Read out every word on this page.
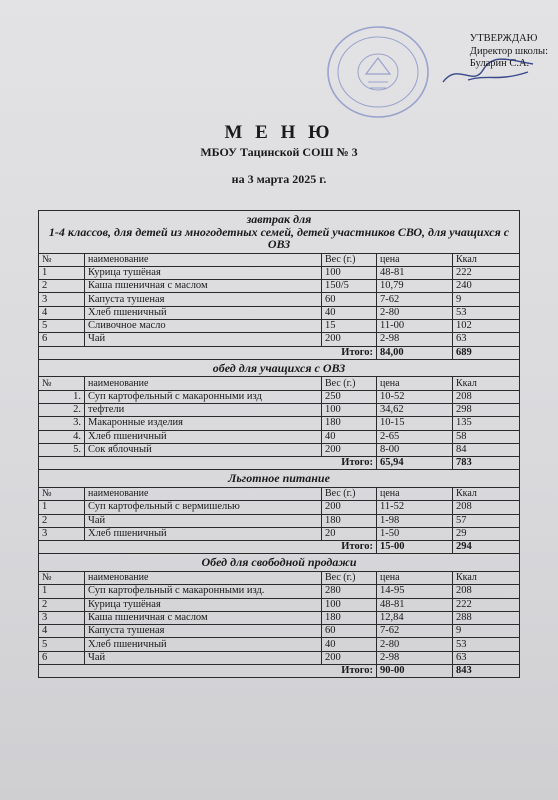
УТВЕРЖДАЮ
Директор школы:
Буларин С.А.
М Е Н Ю
МБОУ Тацинской СОШ № 3
на 3 марта 2025 г.
завтрак для
1-4 классов, для детей из многодетных семей, детей участников СВО, для учащихся с ОВЗ				
№	наименование	Вес (г.)	цена	Ккал
1	Курица тушёная	100	48-81	222
2	Каша пшеничная с маслом	150/5	10,79	240
3	Капуста тушеная	60	7-62	9
4	Хлеб пшеничный	40	2-80	53
5	Сливочное масло	15	11-00	102
6	Чай	200	2-98	63
Итого:			84,00	689
обед для учащихся с ОВЗ				
№	наименование	Вес (г.)	цена	Ккал
1.	Суп картофельный с макаронными изд	250	10-52	208
2.	тефтели	100	34,62	298
3.	Макаронные изделия	180	10-15	135
4.	Хлеб пшеничный	40	2-65	58
5.	Сок яблочный	200	8-00	84
Итого:			65,94	783
Льготное питание				
№	наименование	Вес (г.)	цена	Ккал
1	Суп картофельный с вермишелью	200	11-52	208
2	Чай	180	1-98	57
3	Хлеб пшеничный	20	1-50	29
Итого:			15-00	294
Обед для свободной продажи				
№	наименование	Вес (г.)	цена	Ккал
1	Суп картофельный с макаронными изд.	280	14-95	208
2	Курица тушёная	100	48-81	222
3	Каша пшеничная с маслом	180	12,84	288
4	Капуста тушеная	60	7-62	9
5	Хлеб пшеничный	40	2-80	53
6	Чай	200	2-98	63
Итого:			90-00	843
